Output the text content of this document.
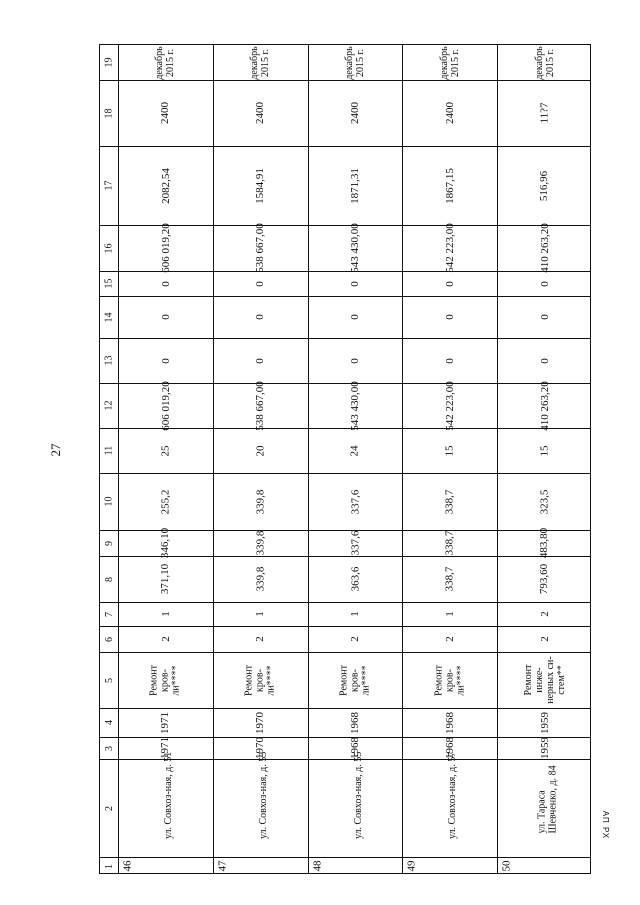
27
АП РХ
19
18
17
16
15
14
13
12
11
10
9
8
7
6
5
4
3
2
1
декабрь 2015 г.
2400
2082,54
606 019,20
0
0
0
606 019,20
25
255,2
346,10
371,10
1
2
Ремонт кров-ли****
1971
1971
ул. Совхоз-ная, д. 51
46
декабрь 2015 г.
2400
1584,91
538 667,00
0
0
0
538 667,00
20
339,8
339,8
339,8
1
2
Ремонт кров-ли****
1970
1970
ул. Совхоз-ная, д. 53
47
декабрь 2015 г.
2400
1871,31
543 430,00
0
0
0
543 430,00
24
337,6
337,6
363,6
1
2
Ремонт кров-ли****
1968
1968
ул. Совхоз-ная, д. 55
48
декабрь 2015 г.
2400
1867,15
542 223,00
0
0
0
542 223,00
15
338,7
338,7
338,7
1
2
Ремонт кров-ли****
1968
1968
ул. Совхоз-ная, д. 57
49
декабрь 2015 г.
11?7
516,96
410 263,20
0
0
0
410 263,20
15
323,5
483,80
793,60
2
2
Ремонт инже-нерных си-стем**
1959
1959
ул. Тараса Шевченко, д. 84
50
